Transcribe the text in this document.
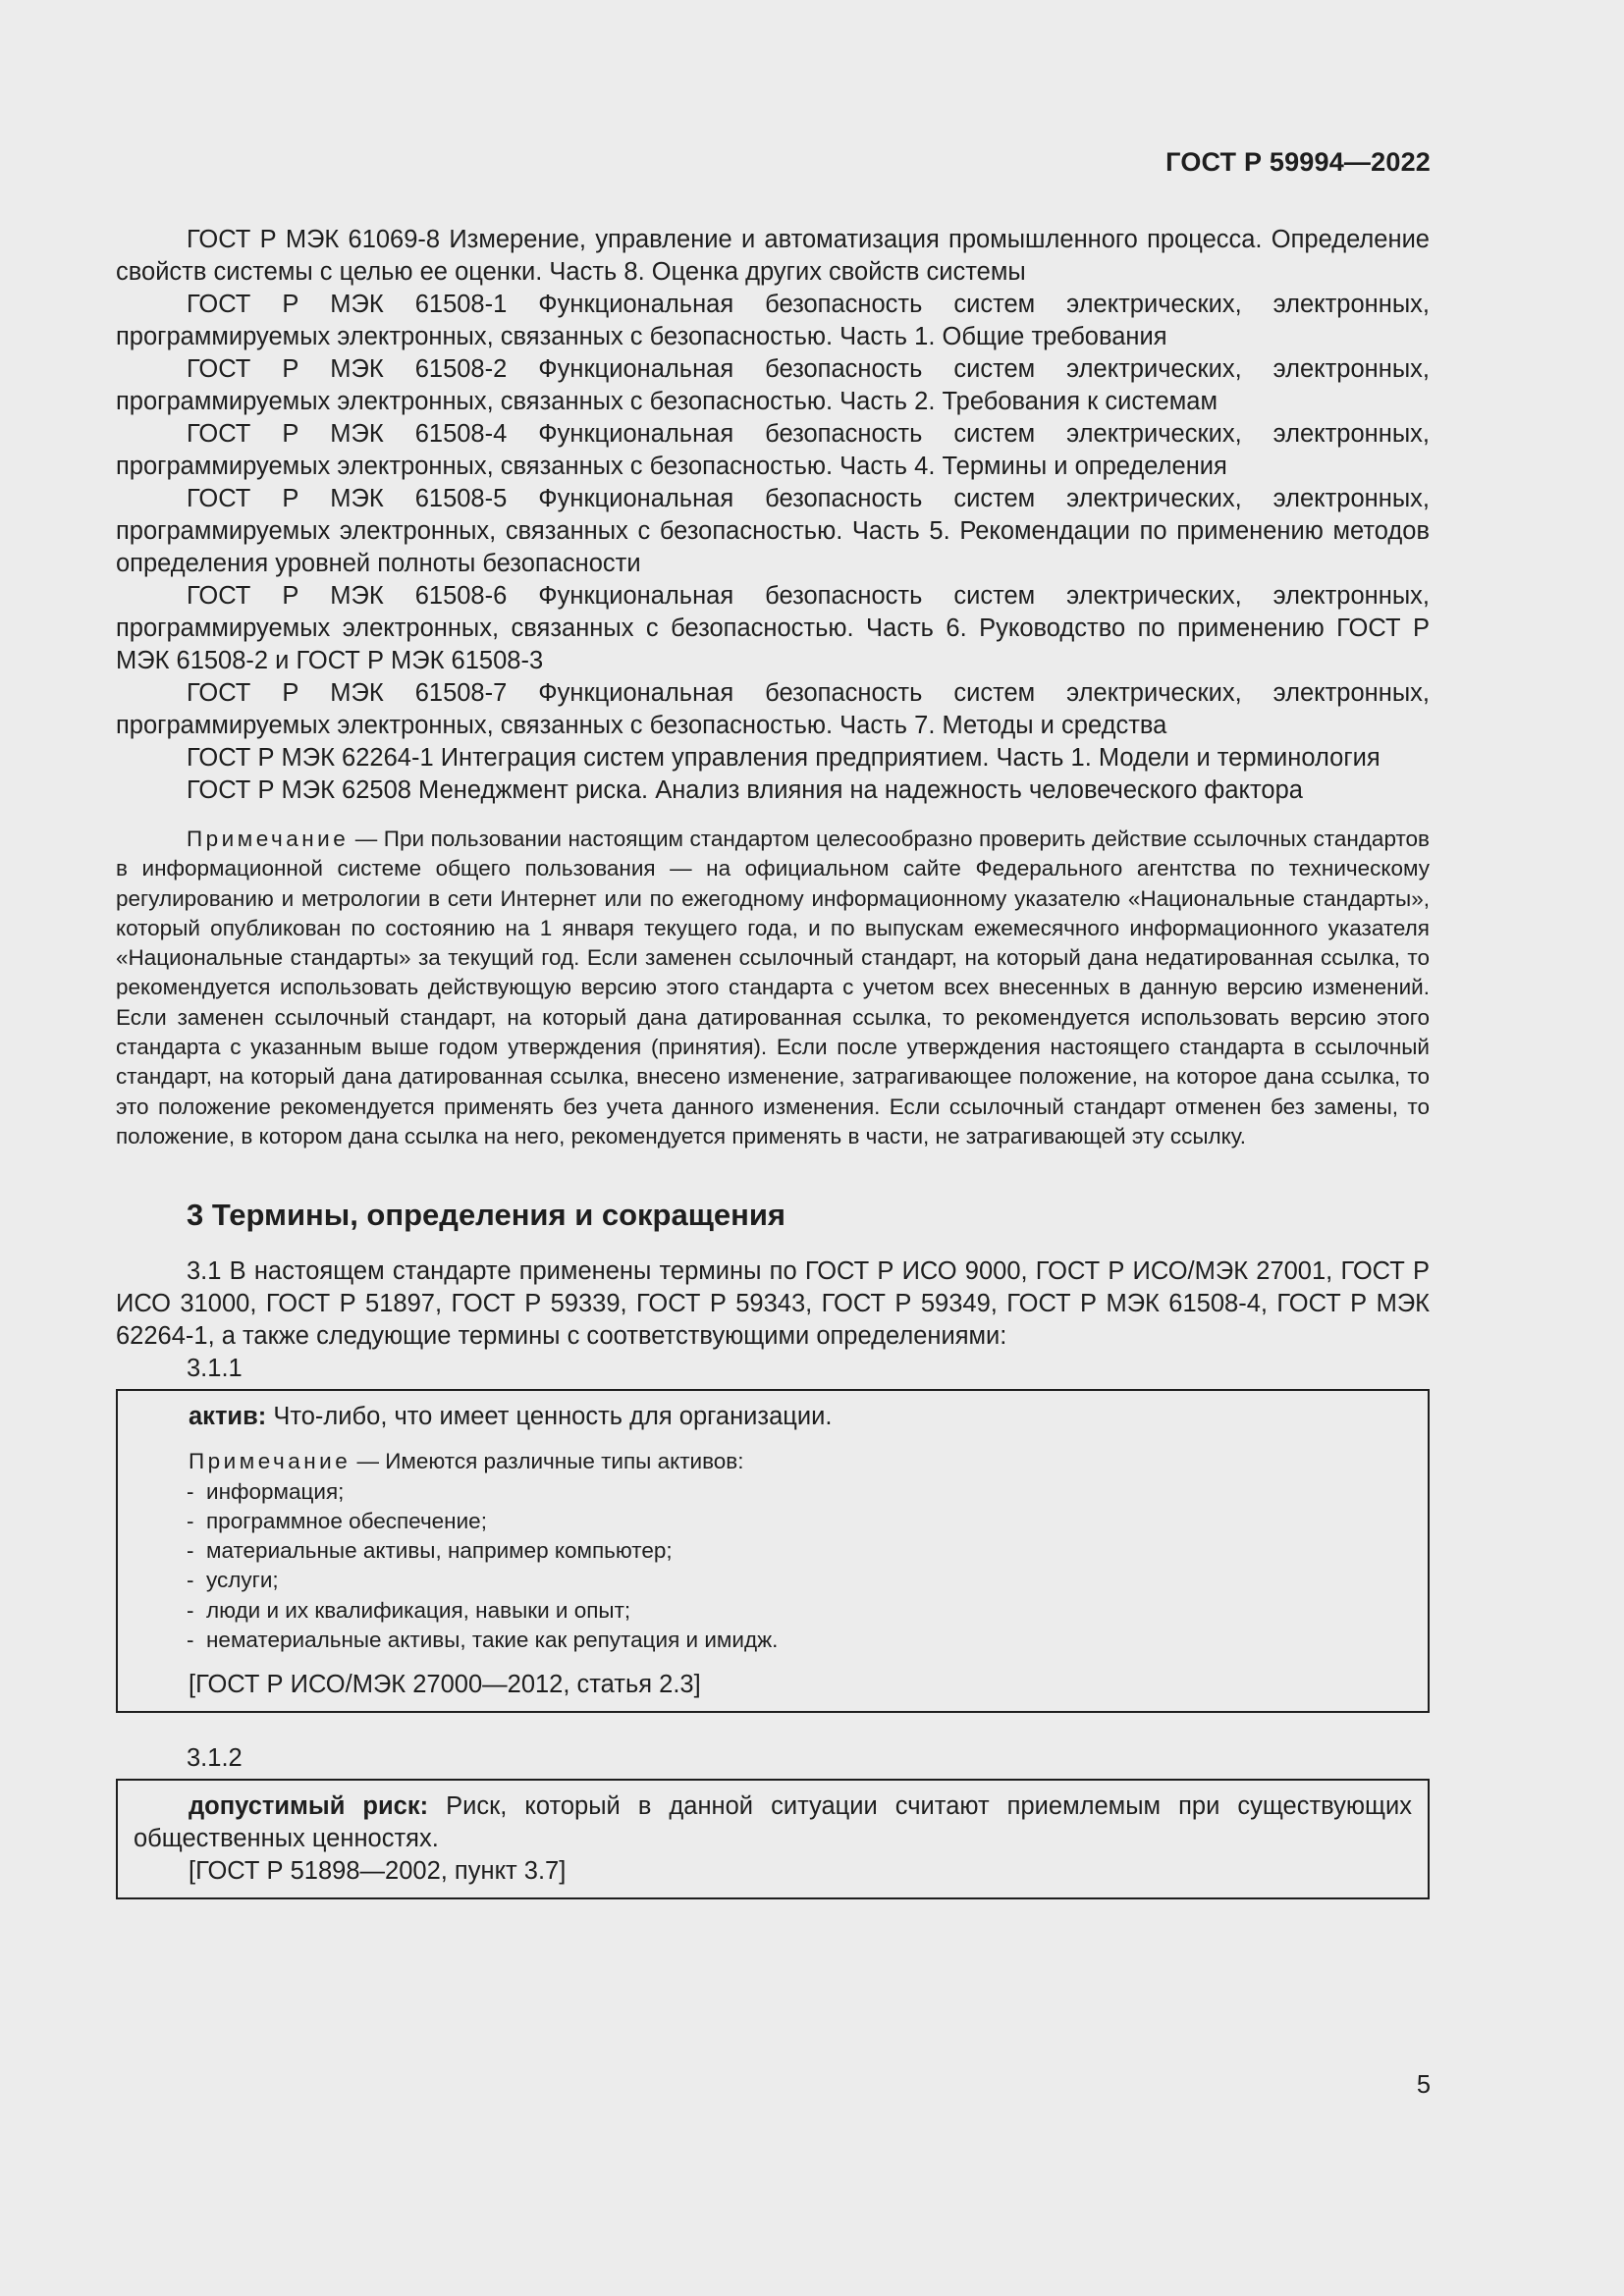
ГОСТ Р 59994—2022

ГОСТ Р МЭК 61069-8 Измерение, управление и автоматизация промышленного процесса. Определение свойств системы с целью ее оценки. Часть 8. Оценка других свойств системы

ГОСТ Р МЭК 61508-1 Функциональная безопасность систем электрических, электронных, программируемых электронных, связанных с безопасностью. Часть 1. Общие требования

ГОСТ Р МЭК 61508-2 Функциональная безопасность систем электрических, электронных, программируемых электронных, связанных с безопасностью. Часть 2. Требования к системам

ГОСТ Р МЭК 61508-4 Функциональная безопасность систем электрических, электронных, программируемых электронных, связанных с безопасностью. Часть 4. Термины и определения

ГОСТ Р МЭК 61508-5 Функциональная безопасность систем электрических, электронных, программируемых электронных, связанных с безопасностью. Часть 5. Рекомендации по применению методов определения уровней полноты безопасности

ГОСТ Р МЭК 61508-6 Функциональная безопасность систем электрических, электронных, программируемых электронных, связанных с безопасностью. Часть 6. Руководство по применению ГОСТ Р МЭК 61508-2 и ГОСТ Р МЭК 61508-3

ГОСТ Р МЭК 61508-7 Функциональная безопасность систем электрических, электронных, программируемых электронных, связанных с безопасностью. Часть 7. Методы и средства

ГОСТ Р МЭК 62264-1 Интеграция систем управления предприятием. Часть 1. Модели и терминология

ГОСТ Р МЭК 62508 Менеджмент риска. Анализ влияния на надежность человеческого фактора

Примечание — При пользовании настоящим стандартом целесообразно проверить действие ссылочных стандартов в информационной системе общего пользования — на официальном сайте Федерального агентства по техническому регулированию и метрологии в сети Интернет или по ежегодному информационному указателю «Национальные стандарты», который опубликован по состоянию на 1 января текущего года, и по выпускам ежемесячного информационного указателя «Национальные стандарты» за текущий год. Если заменен ссылочный стандарт, на который дана недатированная ссылка, то рекомендуется использовать действующую версию этого стандарта с учетом всех внесенных в данную версию изменений. Если заменен ссылочный стандарт, на который дана датированная ссылка, то рекомендуется использовать версию этого стандарта с указанным выше годом утверждения (принятия). Если после утверждения настоящего стандарта в ссылочный стандарт, на который дана датированная ссылка, внесено изменение, затрагивающее положение, на которое дана ссылка, то это положение рекомендуется применять без учета данного изменения. Если ссылочный стандарт отменен без замены, то положение, в котором дана ссылка на него, рекомендуется применять в части, не затрагивающей эту ссылку.

3 Термины, определения и сокращения

3.1 В настоящем стандарте применены термины по ГОСТ Р ИСО 9000, ГОСТ Р ИСО/МЭК 27001, ГОСТ Р ИСО 31000, ГОСТ Р 51897, ГОСТ Р 59339, ГОСТ Р 59343, ГОСТ Р 59349, ГОСТ Р МЭК 61508-4, ГОСТ Р МЭК 62264-1, а также следующие термины с соответствующими определениями:

3.1.1

актив: Что-либо, что имеет ценность для организации.

Примечание — Имеются различные типы активов:

-  информация;
-  программное обеспечение;
-  материальные активы, например компьютер;
-  услуги;
-  люди и их квалификация, навыки и опыт;
-  нематериальные активы, такие как репутация и имидж.

[ГОСТ Р ИСО/МЭК 27000—2012, статья 2.3]

3.1.2

допустимый риск: Риск, который в данной ситуации считают приемлемым при существующих общественных ценностях.

[ГОСТ Р 51898—2002, пункт 3.7]

5
